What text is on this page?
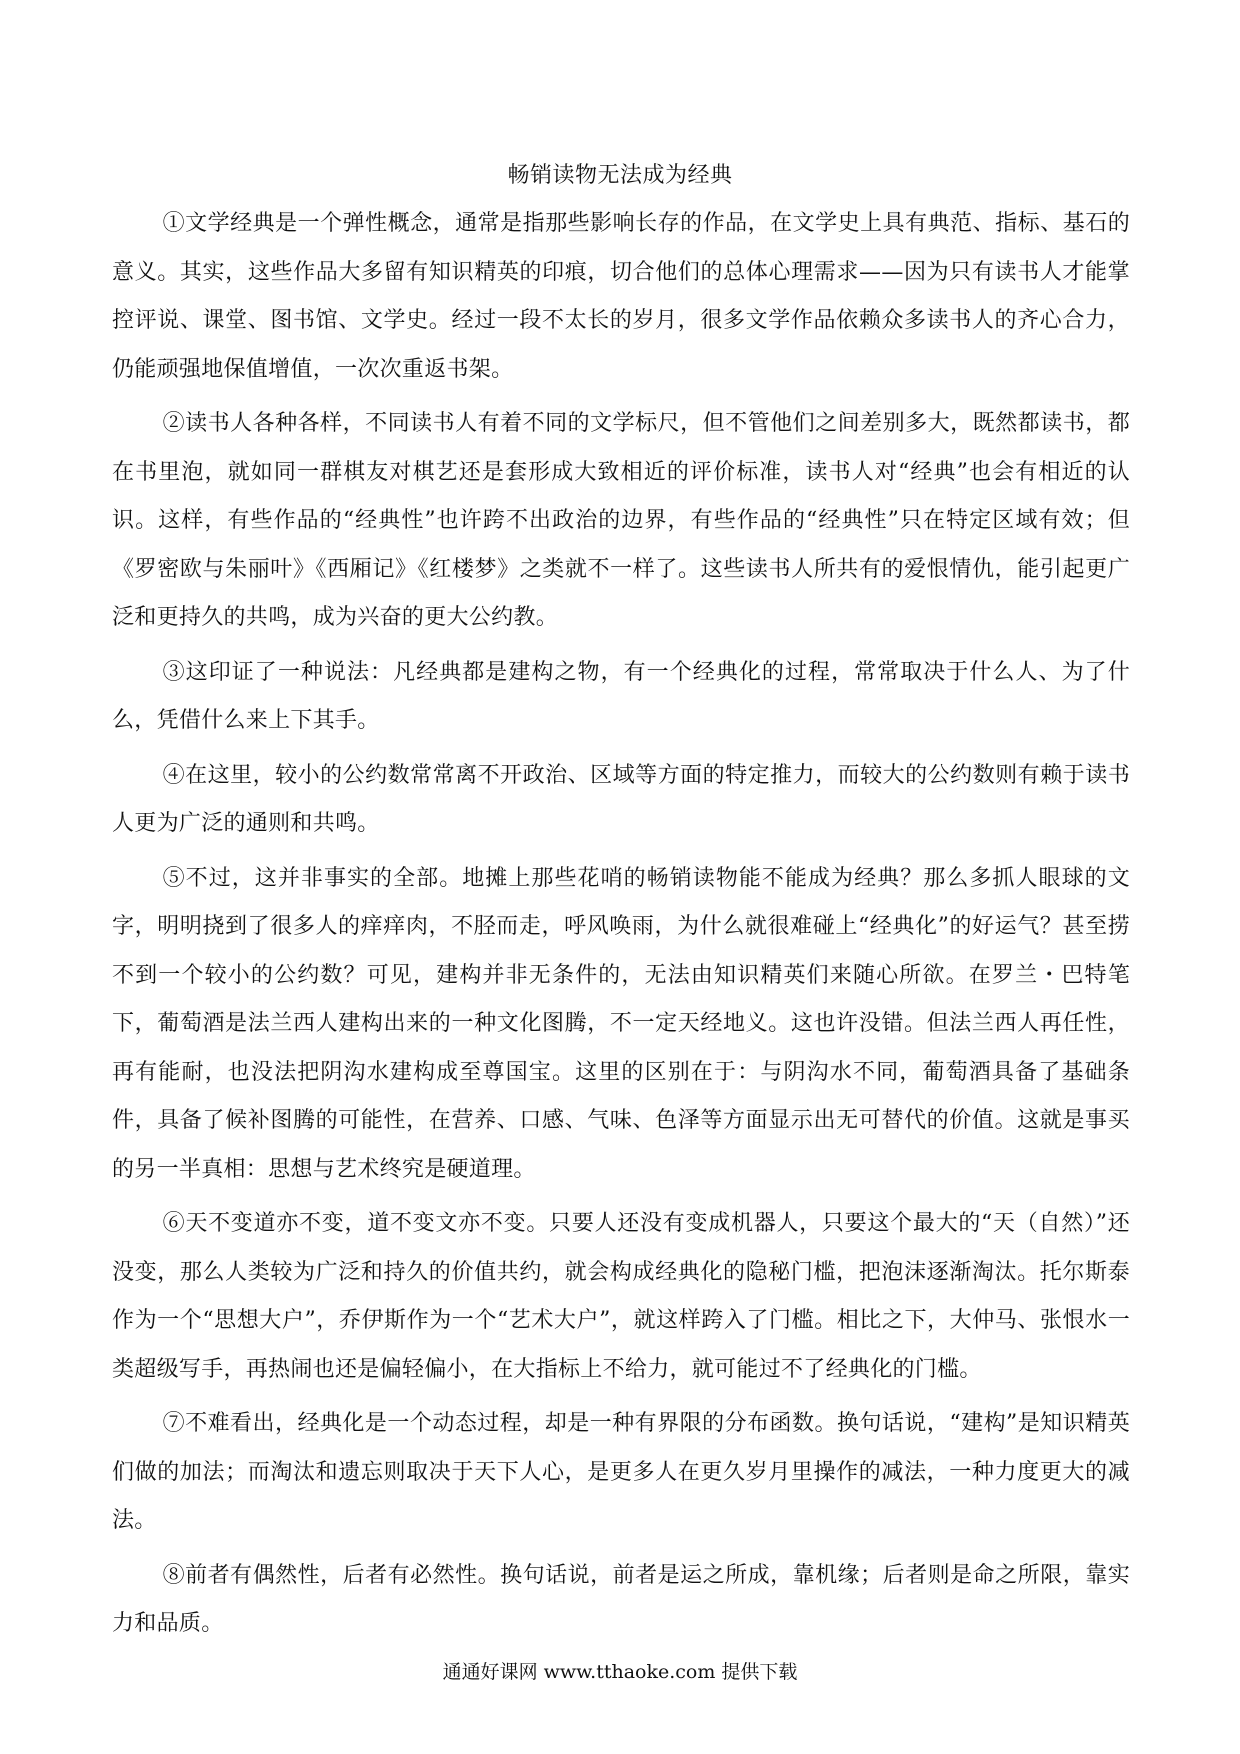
畅销读物无法成为经典

①文学经典是一个弹性概念，通常是指那些影响长存的作品，在文学史上具有典范、指标、基石的意义。其实，这些作品大多留有知识精英的印痕，切合他们的总体心理需求——因为只有读书人才能掌控评说、课堂、图书馆、文学史。经过一段不太长的岁月，很多文学作品依赖众多读书人的齐心合力，仍能顽强地保值增值，一次次重返书架。

②读书人各种各样，不同读书人有着不同的文学标尺，但不管他们之间差别多大，既然都读书，都在书里泡，就如同一群棋友对棋艺还是套形成大致相近的评价标准，读书人对“经典”也会有相近的认识。这样，有些作品的“经典性”也许跨不出政治的边界，有些作品的“经典性”只在特定区域有效；但《罗密欧与朱丽叶》《西厢记》《红楼梦》之类就不一样了。这些读书人所共有的爱恨情仇，能引起更广泛和更持久的共鸣，成为兴奋的更大公约教。

③这印证了一种说法：凡经典都是建构之物，有一个经典化的过程，常常取决于什么人、为了什么，凭借什么来上下其手。

④在这里，较小的公约数常常离不开政治、区域等方面的特定推力，而较大的公约数则有赖于读书人更为广泛的通则和共鸣。

⑤不过，这并非事实的全部。地摊上那些花哨的畅销读物能不能成为经典？那么多抓人眼球的文字，明明挠到了很多人的痒痒肉，不胫而走，呼风唤雨，为什么就很难碰上“经典化”的好运气？甚至捞不到一个较小的公约数？可见，建构并非无条件的，无法由知识精英们来随心所欲。在罗兰・巴特笔下，葡萄酒是法兰西人建构出来的一种文化图腾，不一定天经地义。这也许没错。但法兰西人再任性，再有能耐，也没法把阴沟水建构成至尊国宝。这里的区别在于：与阴沟水不同，葡萄酒具备了基础条件，具备了候补图腾的可能性，在营养、口感、气味、色泽等方面显示出无可替代的价值。这就是事买的另一半真相：思想与艺术终究是硬道理。

⑥天不变道亦不变，道不变文亦不变。只要人还没有变成机器人，只要这个最大的“天（自然）”还没变，那么人类较为广泛和持久的价值共约，就会构成经典化的隐秘门槛，把泡沫逐渐淘汰。托尔斯泰作为一个“思想大户”，乔伊斯作为一个“艺术大户”，就这样跨入了门槛。相比之下，大仲马、张恨水一类超级写手，再热闹也还是偏轻偏小，在大指标上不给力，就可能过不了经典化的门槛。

⑦不难看出，经典化是一个动态过程，却是一种有界限的分布函数。换句话说，“建构”是知识精英们做的加法；而淘汰和遗忘则取决于天下人心，是更多人在更久岁月里操作的减法，一种力度更大的减法。

⑧前者有偶然性，后者有必然性。换句话说，前者是运之所成，靠机缘；后者则是命之所限，靠实力和品质。

通通好课网 www.tthaoke.com 提供下载
